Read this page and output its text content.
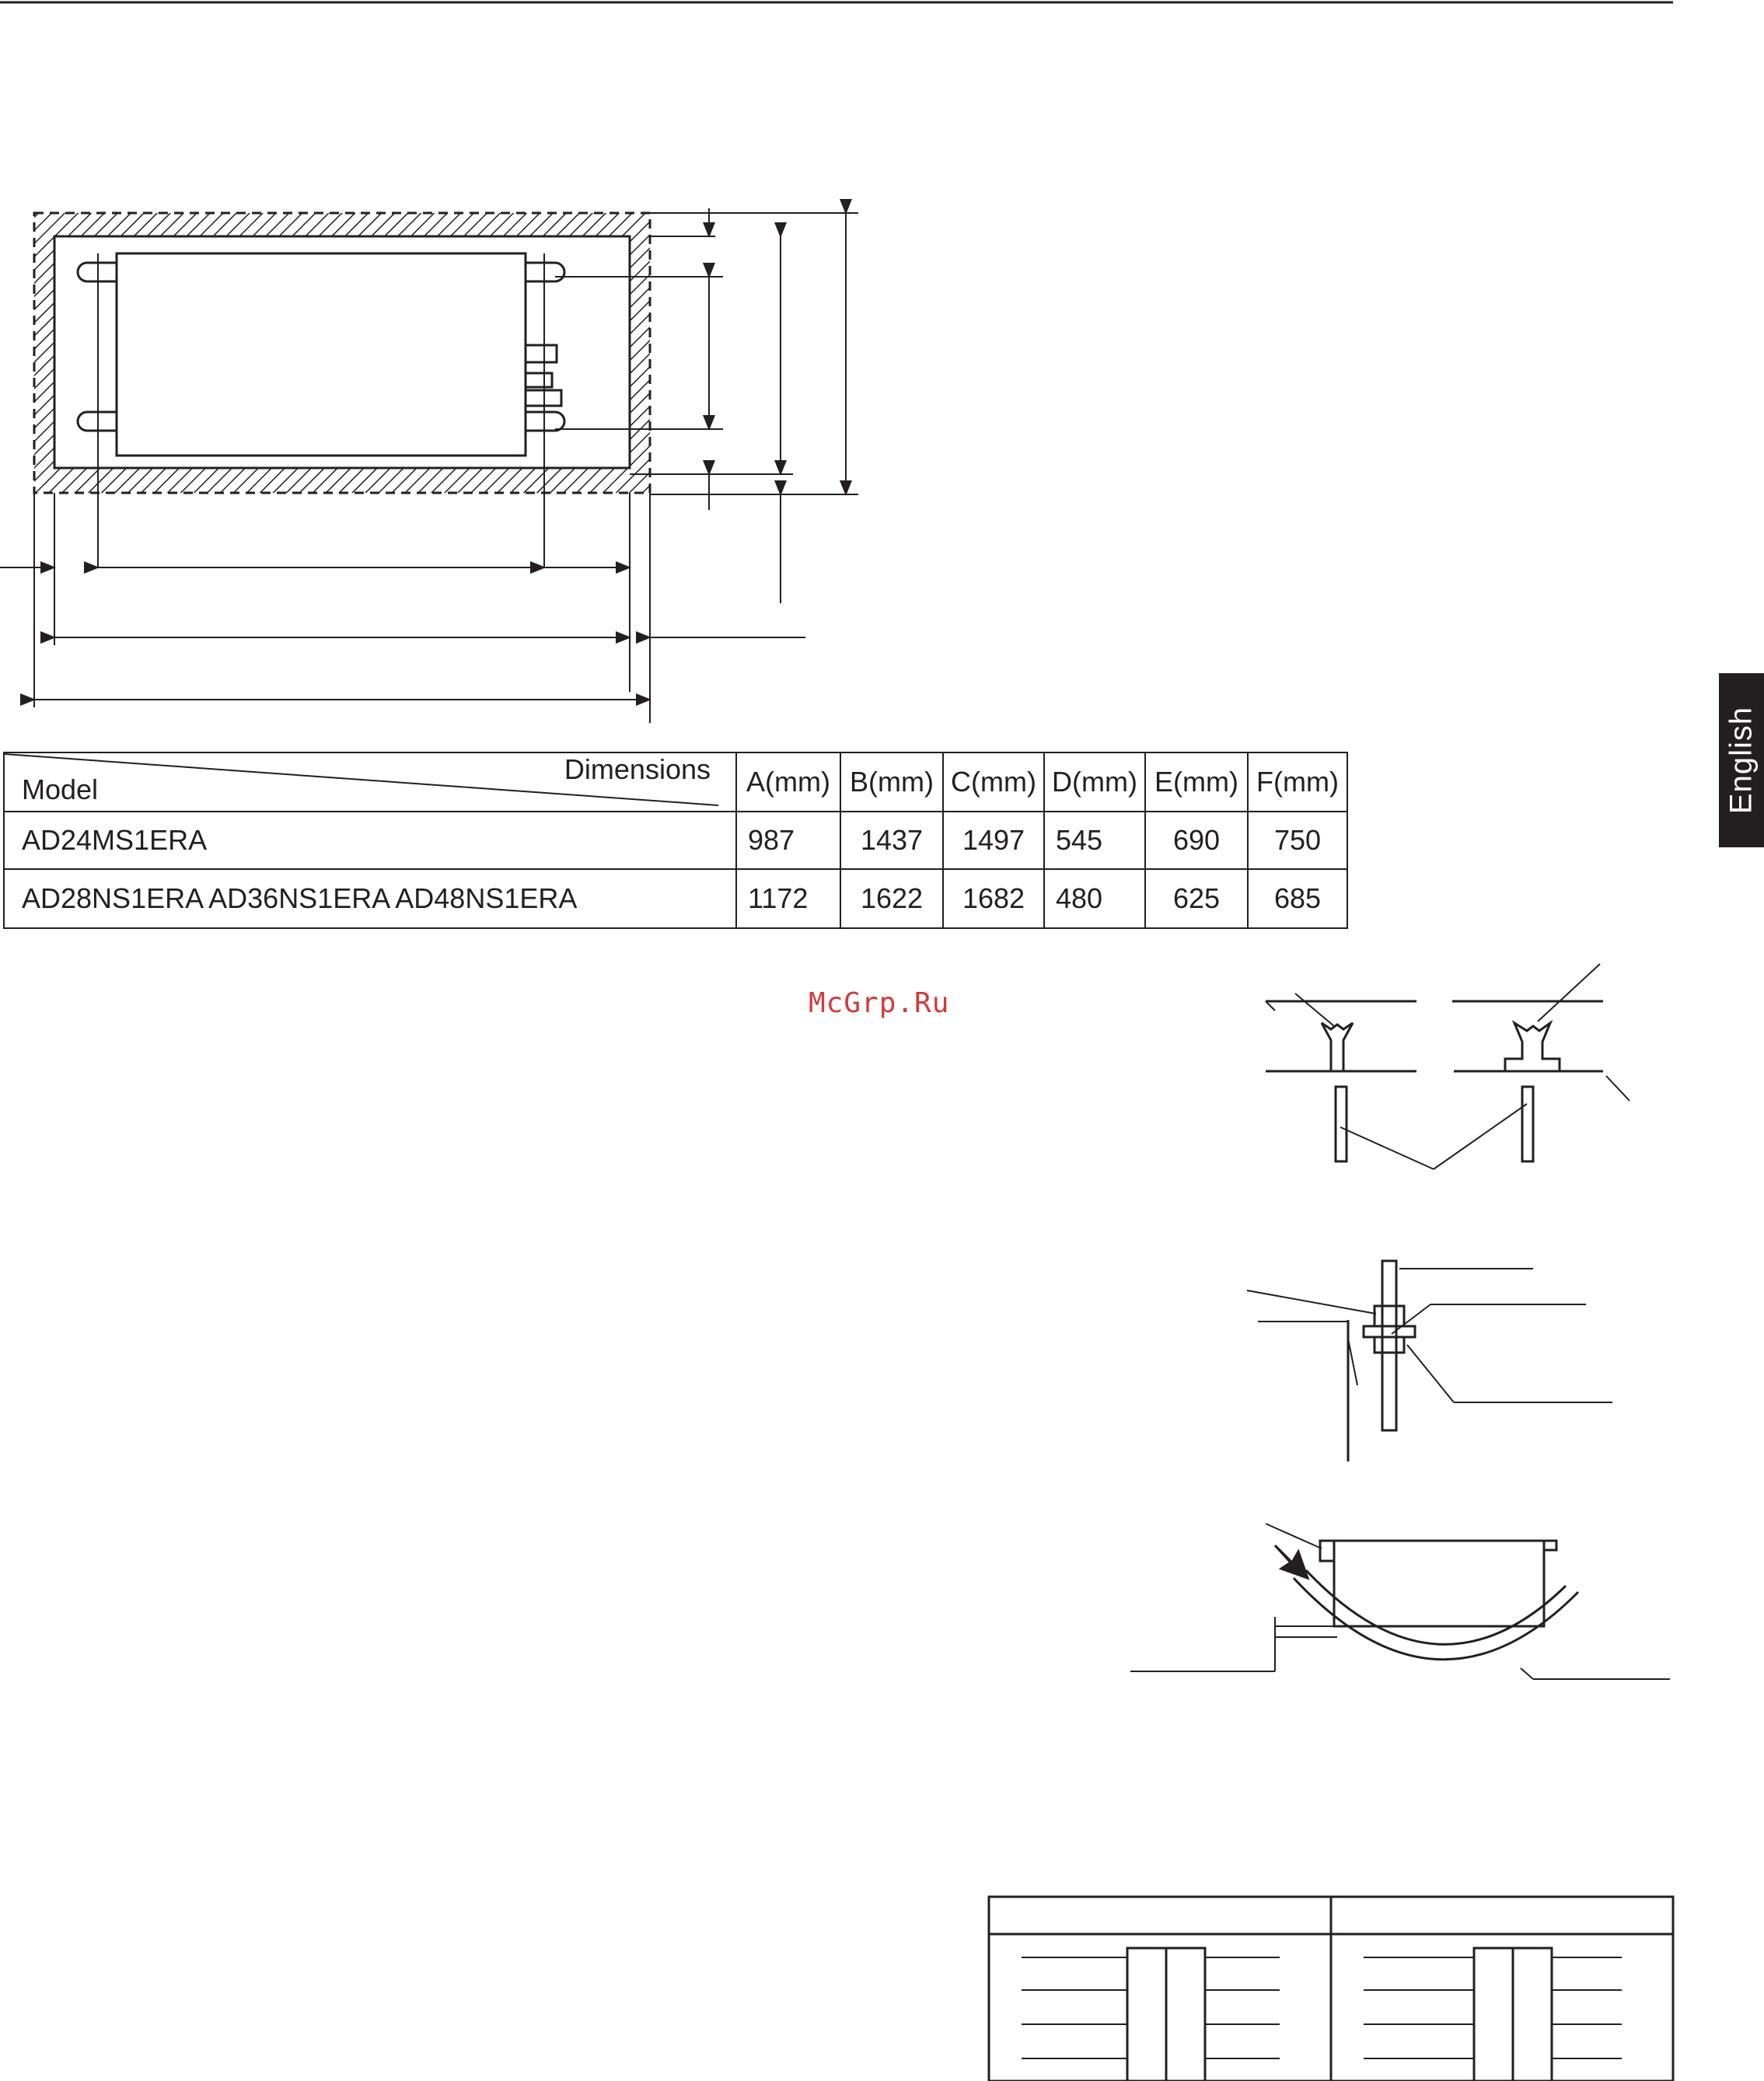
Dimensions
Model	A(mm)	B(mm)	C(mm)	D(mm)	E(mm)	F(mm)
AD24MS1ERA	987	1437	1497	545	690	750
AD28NS1ERA AD36NS1ERA AD48NS1ERA	1172	1622	1682	480	625	685
McGrp.Ru
English
